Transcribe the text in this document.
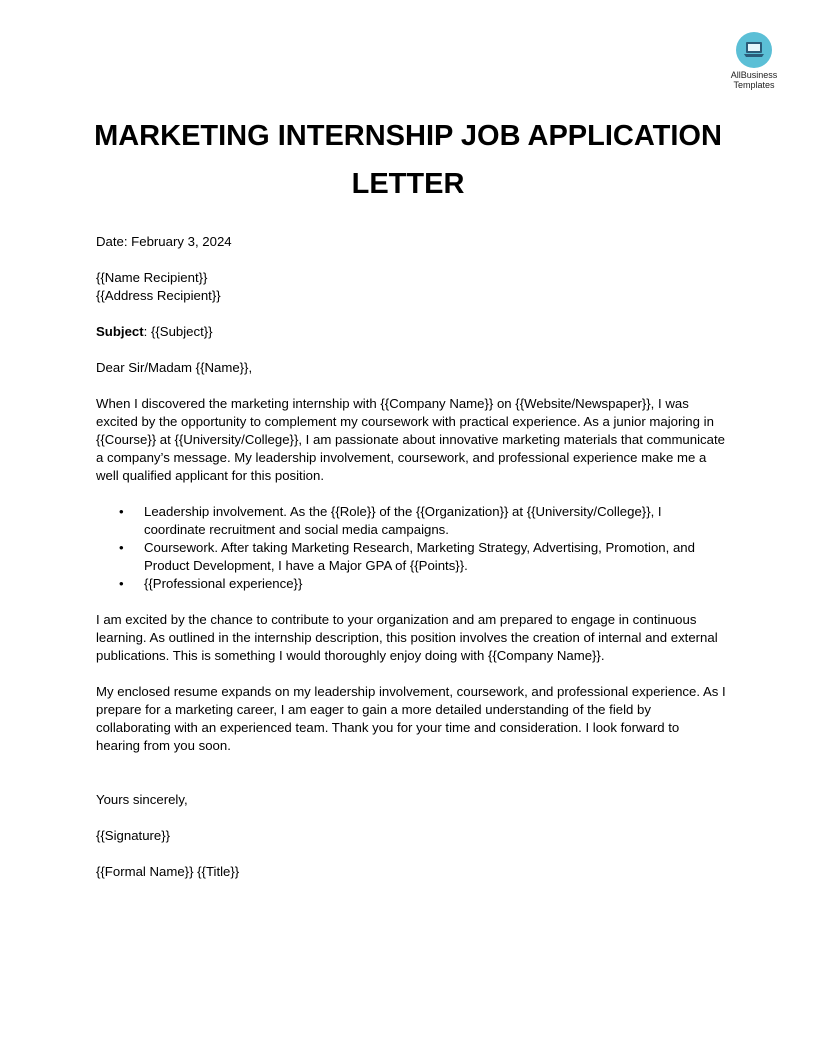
AllBusiness
Templates
MARKETING INTERNSHIP JOB APPLICATION
LETTER

Date: February 3, 2024

{{Name Recipient}}
{{Address Recipient}}

Subject: {{Subject}}

Dear Sir/Madam {{Name}},

When I discovered the marketing internship with {{Company Name}} on {{Website/Newspaper}}, I was excited by the opportunity to complement my coursework with practical experience. As a junior majoring in {{Course}} at {{University/College}}, I am passionate about innovative marketing materials that communicate a company’s message. My leadership involvement, coursework, and professional experience make me a well qualified applicant for this position.

• Leadership involvement. As the {{Role}} of the {{Organization}} at {{University/College}}, I coordinate recruitment and social media campaigns.
• Coursework. After taking Marketing Research, Marketing Strategy, Advertising, Promotion, and Product Development, I have a Major GPA of {{Points}}.
• {{Professional experience}}

I am excited by the chance to contribute to your organization and am prepared to engage in continuous learning. As outlined in the internship description, this position involves the creation of internal and external publications. This is something I would thoroughly enjoy doing with {{Company Name}}.

My enclosed resume expands on my leadership involvement, coursework, and professional experience. As I prepare for a marketing career, I am eager to gain a more detailed understanding of the field by collaborating with an experienced team. Thank you for your time and consideration. I look forward to hearing from you soon.

Yours sincerely,

{{Signature}}

{{Formal Name}} {{Title}}
